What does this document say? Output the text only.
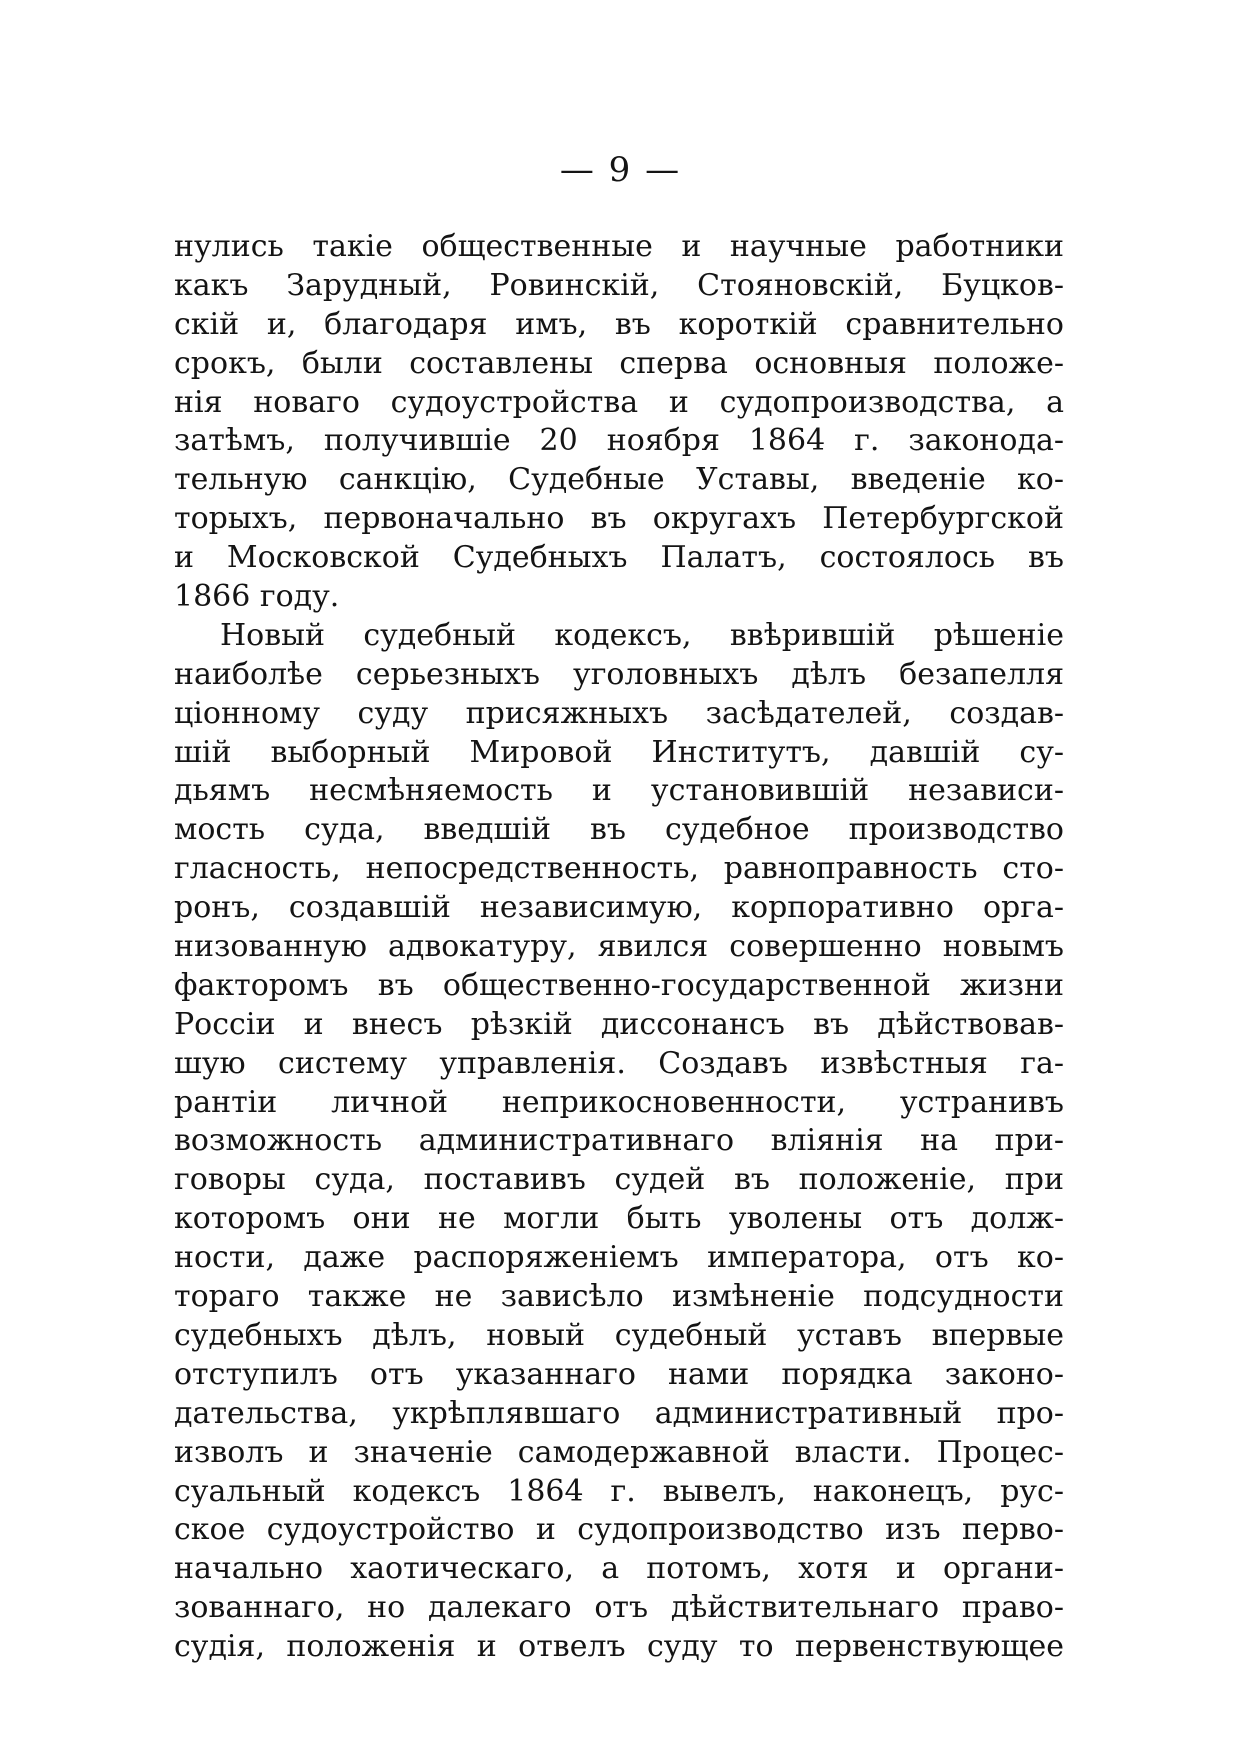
— 9 —
нулись такіе общественные и научные работники
какъ Зарудный, Ровинскій, Стояновскій, Буцков-
скій и, благодаря имъ, въ короткій сравнительно
срокъ, были составлены сперва основныя положе-
нія новаго судоустройства и судопроизводства, а
затѣмъ, получившіе 20 ноября 1864 г. законода-
тельную санкцію, Судебные Уставы, введеніе ко-
торыхъ, первоначально въ округахъ Петербургской
и Московской Судебныхъ Палатъ, состоялось въ
1866 году.
Новый судебный кодексъ, ввѣрившій рѣшеніе
наиболѣе серьезныхъ уголовныхъ дѣлъ безапелля
ціонному суду присяжныхъ засѣдателей, создав-
шій выборный Мировой Институтъ, давшій су-
дьямъ несмѣняемость и установившій независи-
мость суда, введшій въ судебное производство
гласность, непосредственность, равноправность сто-
ронъ, создавшій независимую, корпоративно орга-
низованную адвокатуру, явился совершенно новымъ
факторомъ въ общественно-государственной жизни
Россіи и внесъ рѣзкій диссонансъ въ дѣйствовав-
шую систему управленія. Создавъ извѣстныя га-
рантіи личной неприкосновенности, устранивъ
возможность административнаго вліянія на при-
говоры суда, поставивъ судей въ положеніе, при
которомъ они не могли быть уволены отъ долж-
ности, даже распоряженіемъ императора, отъ ко-
тораго также не зависѣло измѣненіе подсудности
судебныхъ дѣлъ, новый судебный уставъ впервые
отступилъ отъ указаннаго нами порядка законо-
дательства, укрѣплявшаго административный про-
изволъ и значеніе самодержавной власти. Процес-
суальный кодексъ 1864 г. вывелъ, наконецъ, рус-
ское судоустройство и судопроизводство изъ перво-
начально хаотическаго, а потомъ, хотя и органи-
зованнаго, но далекаго отъ дѣйствительнаго право-
судія, положенія и отвелъ суду то первенствующее
